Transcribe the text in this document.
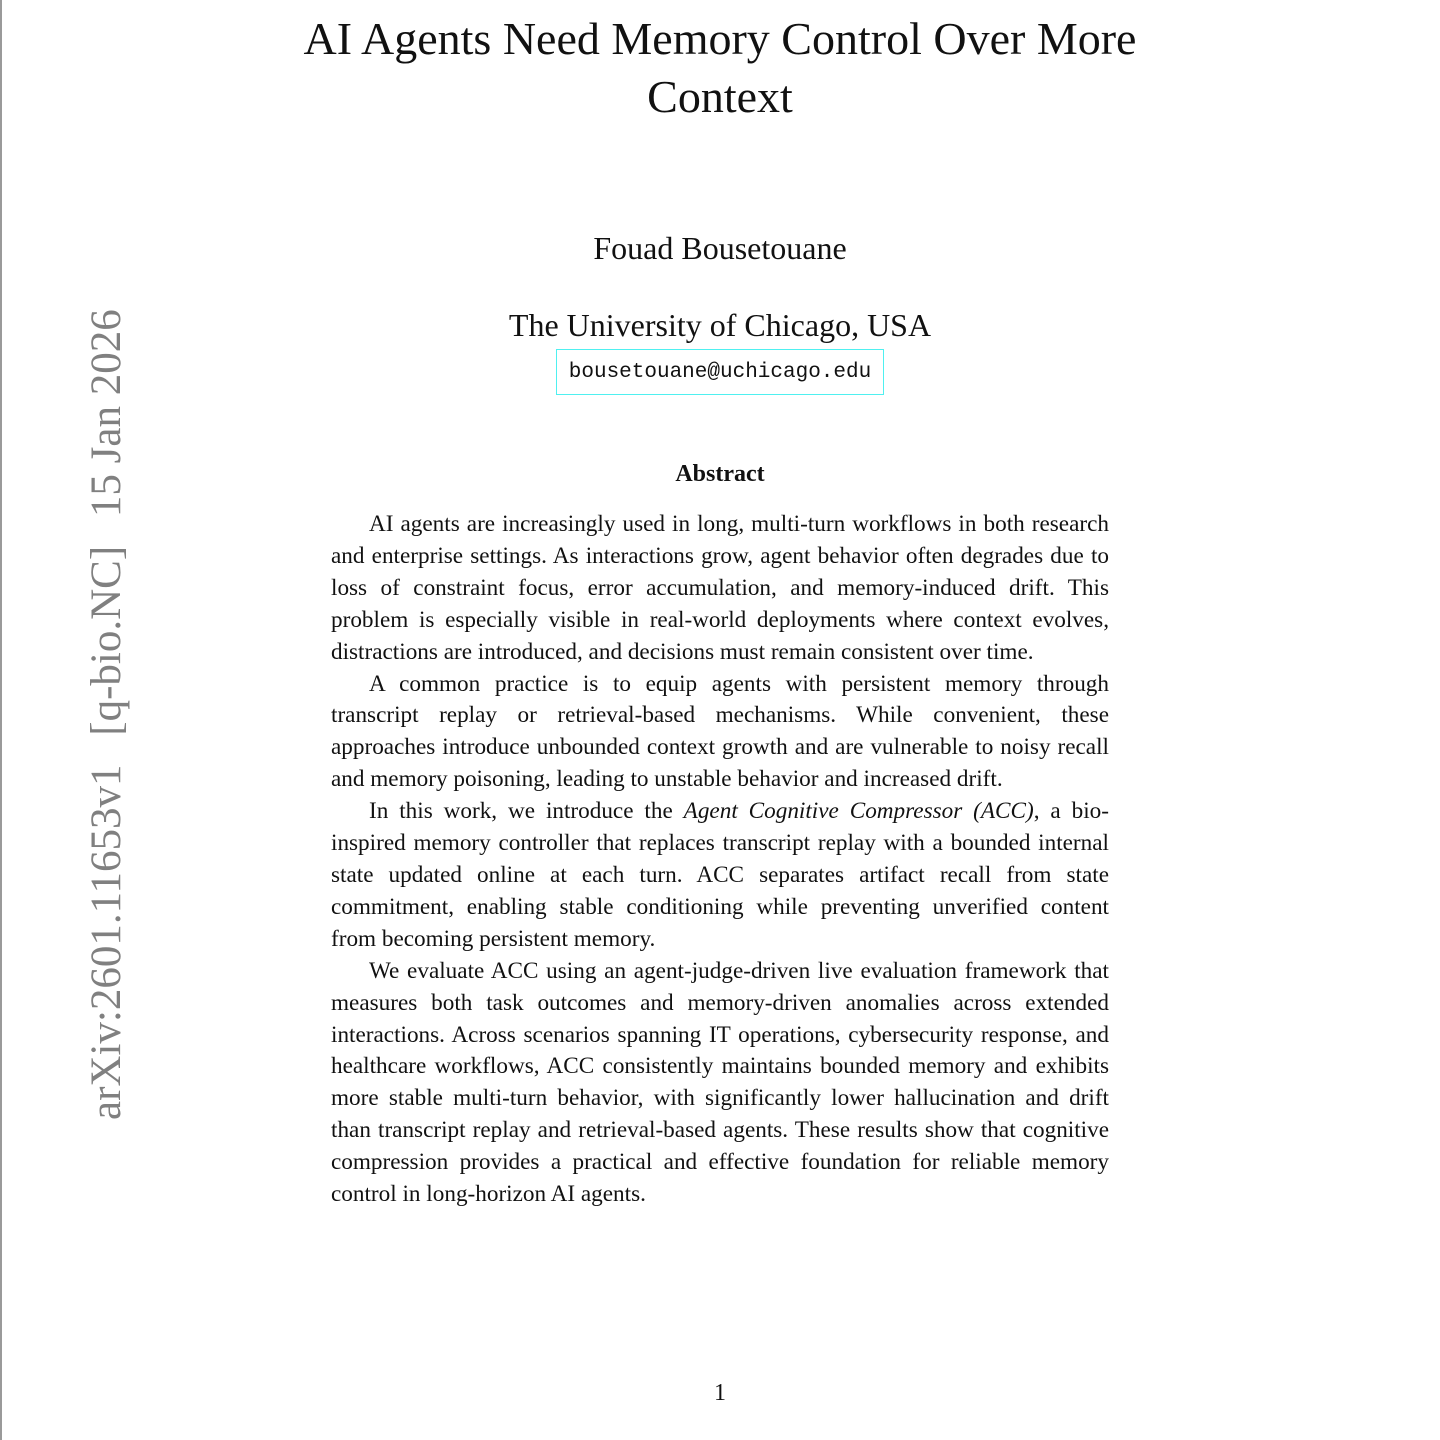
arXiv:2601.11653v1 [q-bio.NC] 15 Jan 2026
AI Agents Need Memory Control Over More
Context
Fouad Bousetouane
The University of Chicago, USA
bousetouane@uchicago.edu
Abstract

AI agents are increasingly used in long, multi-turn workflows in both research and enterprise settings. As interactions grow, agent behavior often degrades due to loss of constraint focus, error accumulation, and memory-induced drift. This problem is especially visible in real-world deployments where context evolves, distractions are introduced, and decisions must remain consistent over time.

A common practice is to equip agents with persistent memory through transcript replay or retrieval-based mechanisms. While convenient, these approaches introduce unbounded context growth and are vulnerable to noisy recall and memory poisoning, leading to unstable behavior and increased drift.

In this work, we introduce the Agent Cognitive Compressor (ACC), a bio-inspired memory controller that replaces transcript replay with a bounded internal state updated online at each turn. ACC separates artifact recall from state commitment, enabling stable conditioning while preventing unverified content from becoming persistent memory.

We evaluate ACC using an agent-judge-driven live evaluation framework that measures both task outcomes and memory-driven anomalies across extended interactions. Across scenarios spanning IT operations, cybersecurity response, and healthcare workflows, ACC consistently maintains bounded memory and exhibits more stable multi-turn behavior, with significantly lower hallucination and drift than transcript replay and retrieval-based agents. These results show that cognitive compression provides a practical and effective foundation for reliable memory control in long-horizon AI agents.

1
